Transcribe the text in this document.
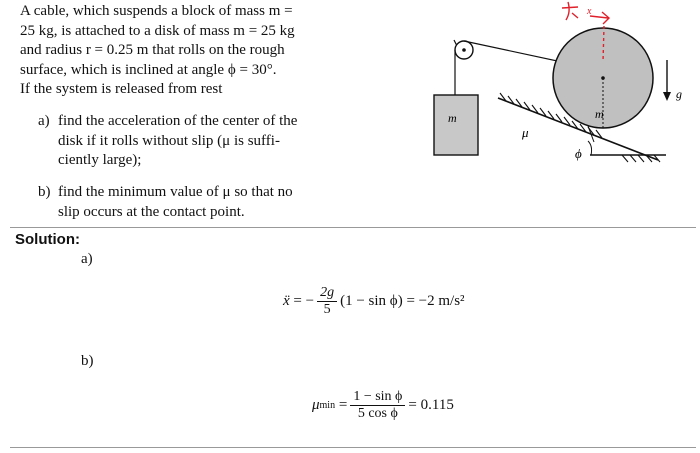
A cable, which suspends a block of mass m =

25 kg, is attached to a disk of mass m = 25 kg

and radius r = 0.25 m that rolls on the rough

surface, which is inclined at angle ϕ = 30°.

If the system is released from rest

a) find the acceleration of the center of the
disk if it rolls without slip (μ is suffi-
ciently large);
b) find the minimum value of μ so that no
slip occurs at the contact point.
ϕ
m	m
μ
g
x
Solution:
a)
ẍ = − $\frac{2g}{5} (1 - \sin \phi) = -2$ m/s²
b)
μ $\min = \frac{\text{1 − sin ϕ}}{\text{5 cos ϕ}} = 0.115$
